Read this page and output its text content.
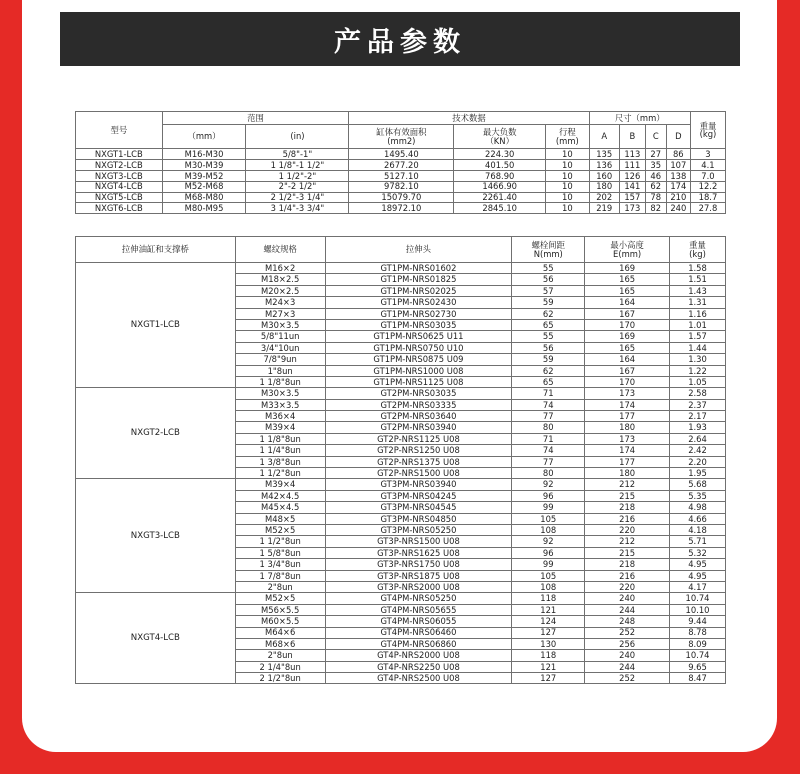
产品参数
型号	范围		技术数据			尺寸（mm）				重量
(kg)
	（mm）	(in)	缸体有效面积
(mm2)	最大负数
（KN）	行程
(mm)	A	B	C	D	
NXGT1-LCB	M16-M30	5/8"-1"	1495.40	224.30	10	135	113	27	86	3
NXGT2-LCB	M30-M39	1 1/8"-1 1/2"	2677.20	401.50	10	136	111	35	107	4.1
NXGT3-LCB	M39-M52	1 1/2"-2"	5127.10	768.90	10	160	126	46	138	7.0
NXGT4-LCB	M52-M68	2"-2 1/2"	9782.10	1466.90	10	180	141	62	174	12.2
NXGT5-LCB	M68-M80	2 1/2"-3 1/4"	15079.70	2261.40	10	202	157	78	210	18.7
NXGT6-LCB	M80-M95	3 1/4"-3 3/4"	18972.10	2845.10	10	219	173	82	240	27.8
拉伸油缸和支撑桥	螺纹规格	拉伸头	螺栓间距
N(mm)	最小高度
E(mm)	重量
(kg)
NXGT1-LCB	M16×2	GT1PM-NRS01602	55	169	1.58
	M18×2.5	GT1PM-NRS01825	56	165	1.51
	M20×2.5	GT1PM-NRS02025	57	165	1.43
	M24×3	GT1PM-NRS02430	59	164	1.31
	M27×3	GT1PM-NRS02730	62	167	1.16
	M30×3.5	GT1PM-NRS03035	65	170	1.01
	5/8"11un	GT1PM-NRS0625 U11	55	169	1.57
	3/4"10un	GT1PM-NRS0750 U10	56	165	1.44
	7/8"9un	GT1PM-NRS0875 U09	59	164	1.30
	1"8un	GT1PM-NRS1000 U08	62	167	1.22
	1 1/8"8un	GT1PM-NRS1125 U08	65	170	1.05
NXGT2-LCB	M30×3.5	GT2PM-NRS03035	71	173	2.58
	M33×3.5	GT2PM-NRS03335	74	174	2.37
	M36×4	GT2PM-NRS03640	77	177	2.17
	M39×4	GT2PM-NRS03940	80	180	1.93
	1 1/8"8un	GT2P-NRS1125 U08	71	173	2.64
	1 1/4"8un	GT2P-NRS1250 U08	74	174	2.42
	1 3/8"8un	GT2P-NRS1375 U08	77	177	2.20
	1 1/2"8un	GT2P-NRS1500 U08	80	180	1.95
NXGT3-LCB	M39×4	GT3PM-NRS03940	92	212	5.68
	M42×4.5	GT3PM-NRS04245	96	215	5.35
	M45×4.5	GT3PM-NRS04545	99	218	4.98
	M48×5	GT3PM-NRS04850	105	216	4.66
	M52×5	GT3PM-NRS05250	108	220	4.18
	1 1/2"8un	GT3P-NRS1500 U08	92	212	5.71
	1 5/8"8un	GT3P-NRS1625 U08	96	215	5.32
	1 3/4"8un	GT3P-NRS1750 U08	99	218	4.95
	1 7/8"8un	GT3P-NRS1875 U08	105	216	4.95
	2"8un	GT3P-NRS2000 U08	108	220	4.17
NXGT4-LCB	M52×5	GT4PM-NRS05250	118	240	10.74
	M56×5.5	GT4PM-NRS05655	121	244	10.10
	M60×5.5	GT4PM-NRS06055	124	248	9.44
	M64×6	GT4PM-NRS06460	127	252	8.78
	M68×6	GT4PM-NRS06860	130	256	8.09
	2"8un	GT4P-NRS2000 U08	118	240	10.74
	2 1/4"8un	GT4P-NRS2250 U08	121	244	9.65
	2 1/2"8un	GT4P-NRS2500 U08	127	252	8.47
